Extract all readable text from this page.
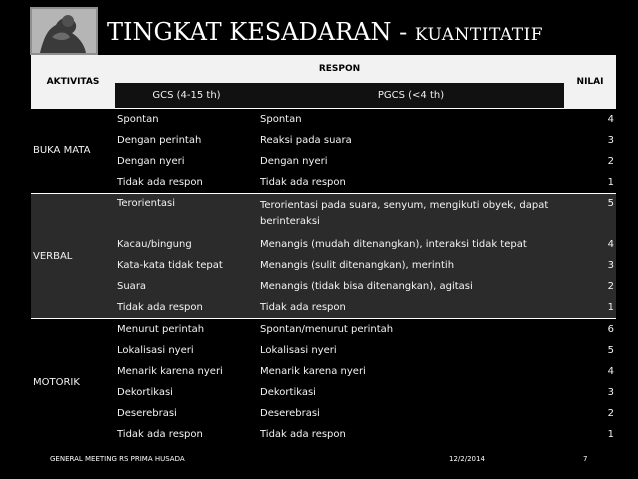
TINGKAT KESADARAN - KUANTITATIF
AKTIVITAS	RESPON		NILAI
	GCS (4-15 th)	PGCS (<4 th)	
BUKA MATA	Spontan	Spontan	4
	Dengan perintah	Reaksi pada suara	3
	Dengan nyeri	Dengan nyeri	2
	Tidak ada respon	Tidak ada respon	1
VERBAL	Terorientasi	Terorientasi pada suara, senyum, mengikuti obyek, dapat berinteraksi	5
	Kacau/bingung	Menangis (mudah ditenangkan), interaksi tidak tepat	4
	Kata-kata tidak tepat	Menangis (sulit ditenangkan), merintih	3
	Suara	Menangis (tidak bisa ditenangkan), agitasi	2
	Tidak ada respon	Tidak ada respon	1
MOTORIK	Menurut perintah	Spontan/menurut perintah	6
	Lokalisasi nyeri	Lokalisasi nyeri	5
	Menarik karena nyeri	Menarik karena nyeri	4
	Dekortikasi	Dekortikasi	3
	Deserebrasi	Deserebrasi	2
	Tidak ada respon	Tidak ada respon	1
GENERAL MEETING RS PRIMA HUSADA	12/2/2014	7
